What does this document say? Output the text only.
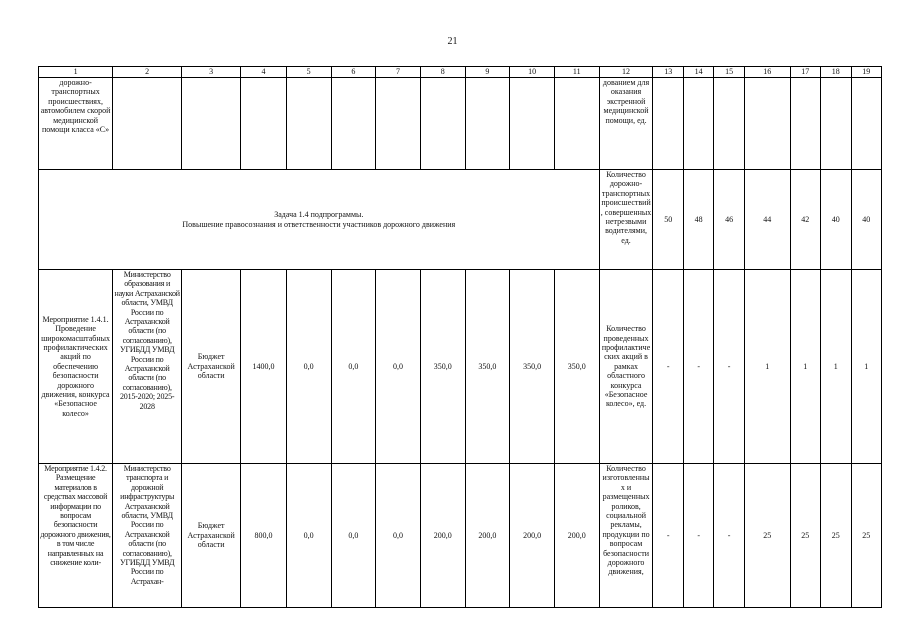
21
1	2	3	4	5	6	7	8	9	10	11	12	13	14	15	16	17	18	19
дорожно-транспортных происшествиях, автомобилем скорой медицинской помощи класса «С»											дованием для оказания экстренной медицинской помощи, ед.							

Задача 1.4 подпрограммы.
Повышение правосознания и ответственности участников дорожного движения											Количество дорожно-транспортных происшествий, совершенных нетрезвыми водителями, ед.	50	48	46	44	42	40	40
Мероприятие 1.4.1. Проведение широкомасштабных профилактических акций по обеспечению безопасности дорожного движения, конкурса «Безопасное колесо»	Министерство образования и науки Астраханской области, УМВД России по Астраханской области (по согласованию), УГИБДД УМВД России по Астраханской области (по согласованию), 2015-2020; 2025-2028	Бюджет Астраханской области	1400,0	0,0	0,0	0,0	350,0	350,0	350,0	350,0	Количество проведенных профилактических акций в рамках областного конкурса «Безопасное колесо», ед.	-	-	-	1	1	1	1
Мероприятие 1.4.2. Размещение материалов в средствах массовой информации по вопросам безопасности дорожного движения, в том числе направленных на снижение коли-	Министерство транспорта и дорожной инфраструктуры Астраханской области, УМВД России по Астраханской области (по согласованию), УГИБДД УМВД России по Астрахан-	Бюджет Астраханской области	800,0	0,0	0,0	0,0	200,0	200,0	200,0	200,0	Количество изготовленных и размещенных роликов, социальной рекламы, продукции по вопросам безопасности дорожного движения,	-	-	-	25	25	25	25
